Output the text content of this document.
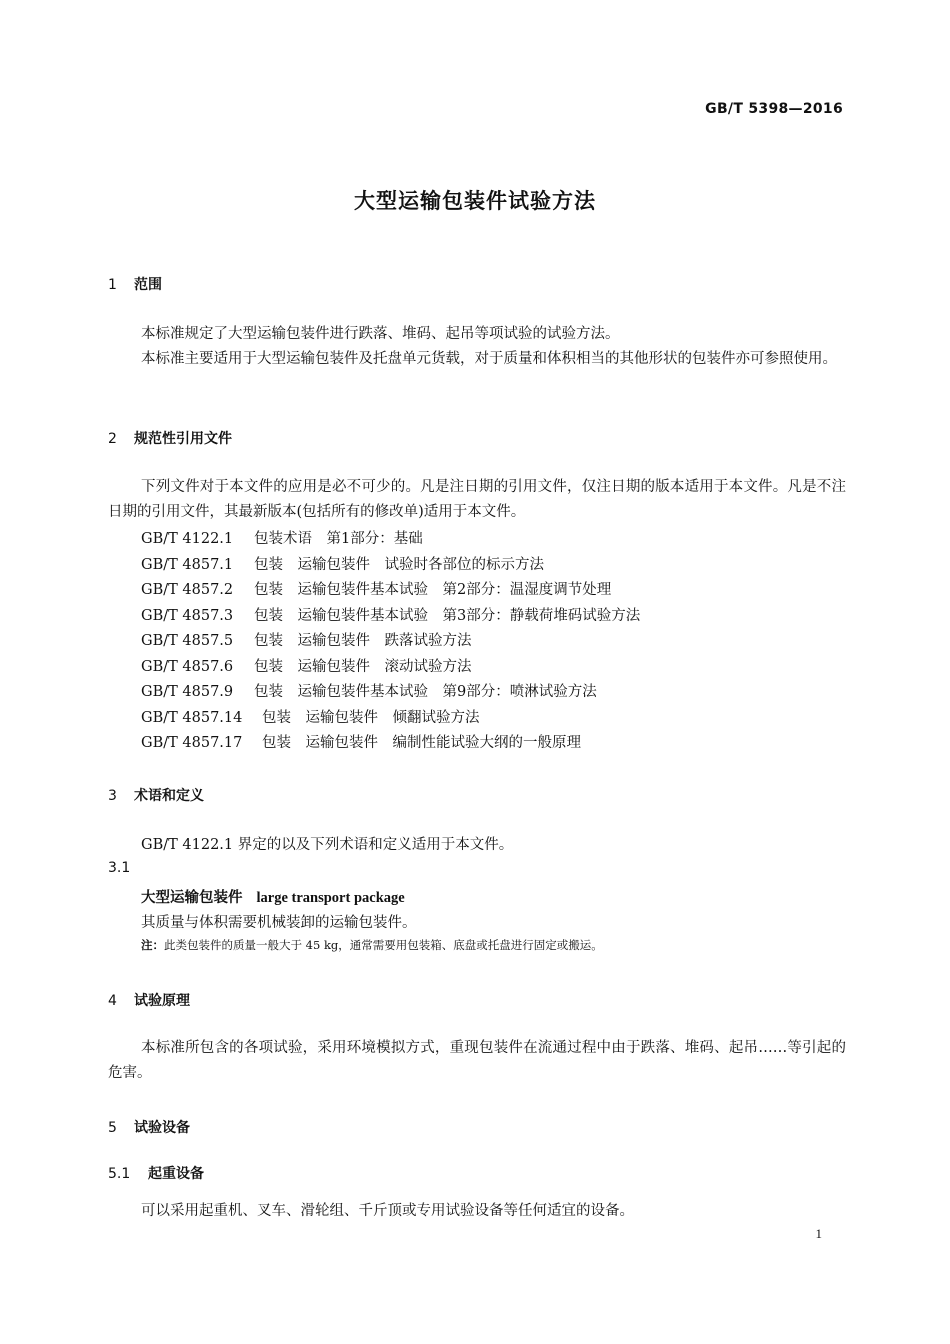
GB/T 5398—2016
大型运输包装件试验方法
1 范围
本标准规定了大型运输包装件进行跌落、堆码、起吊等项试验的试验方法。
本标准主要适用于大型运输包装件及托盘单元货载，对于质量和体积相当的其他形状的包装件亦可参照使用。
2 规范性引用文件
下列文件对于本文件的应用是必不可少的。凡是注日期的引用文件，仅注日期的版本适用于本文件。凡是不注日期的引用文件，其最新版本(包括所有的修改单)适用于本文件。
GB/T 4122.1 包装术语　第1部分：基础
GB/T 4857.1 包装　运输包装件　试验时各部位的标示方法
GB/T 4857.2 包装　运输包装件基本试验　第2部分：温湿度调节处理
GB/T 4857.3 包装　运输包装件基本试验　第3部分：静载荷堆码试验方法
GB/T 4857.5 包装　运输包装件　跌落试验方法
GB/T 4857.6 包装　运输包装件　滚动试验方法
GB/T 4857.9 包装　运输包装件基本试验　第9部分：喷淋试验方法
GB/T 4857.14 包装　运输包装件　倾翻试验方法
GB/T 4857.17 包装　运输包装件　编制性能试验大纲的一般原理
3 术语和定义
GB/T 4122.1 界定的以及下列术语和定义适用于本文件。
3.1
大型运输包装件 large transport package
其质量与体积需要机械装卸的运输包装件。
注：此类包装件的质量一般大于 45 kg，通常需要用包装箱、底盘或托盘进行固定或搬运。
4 试验原理
本标准所包含的各项试验，采用环境模拟方式，重现包装件在流通过程中由于跌落、堆码、起吊……等引起的危害。
5 试验设备
5.1 起重设备
可以采用起重机、叉车、滑轮组、千斤顶或专用试验设备等任何适宜的设备。
1
